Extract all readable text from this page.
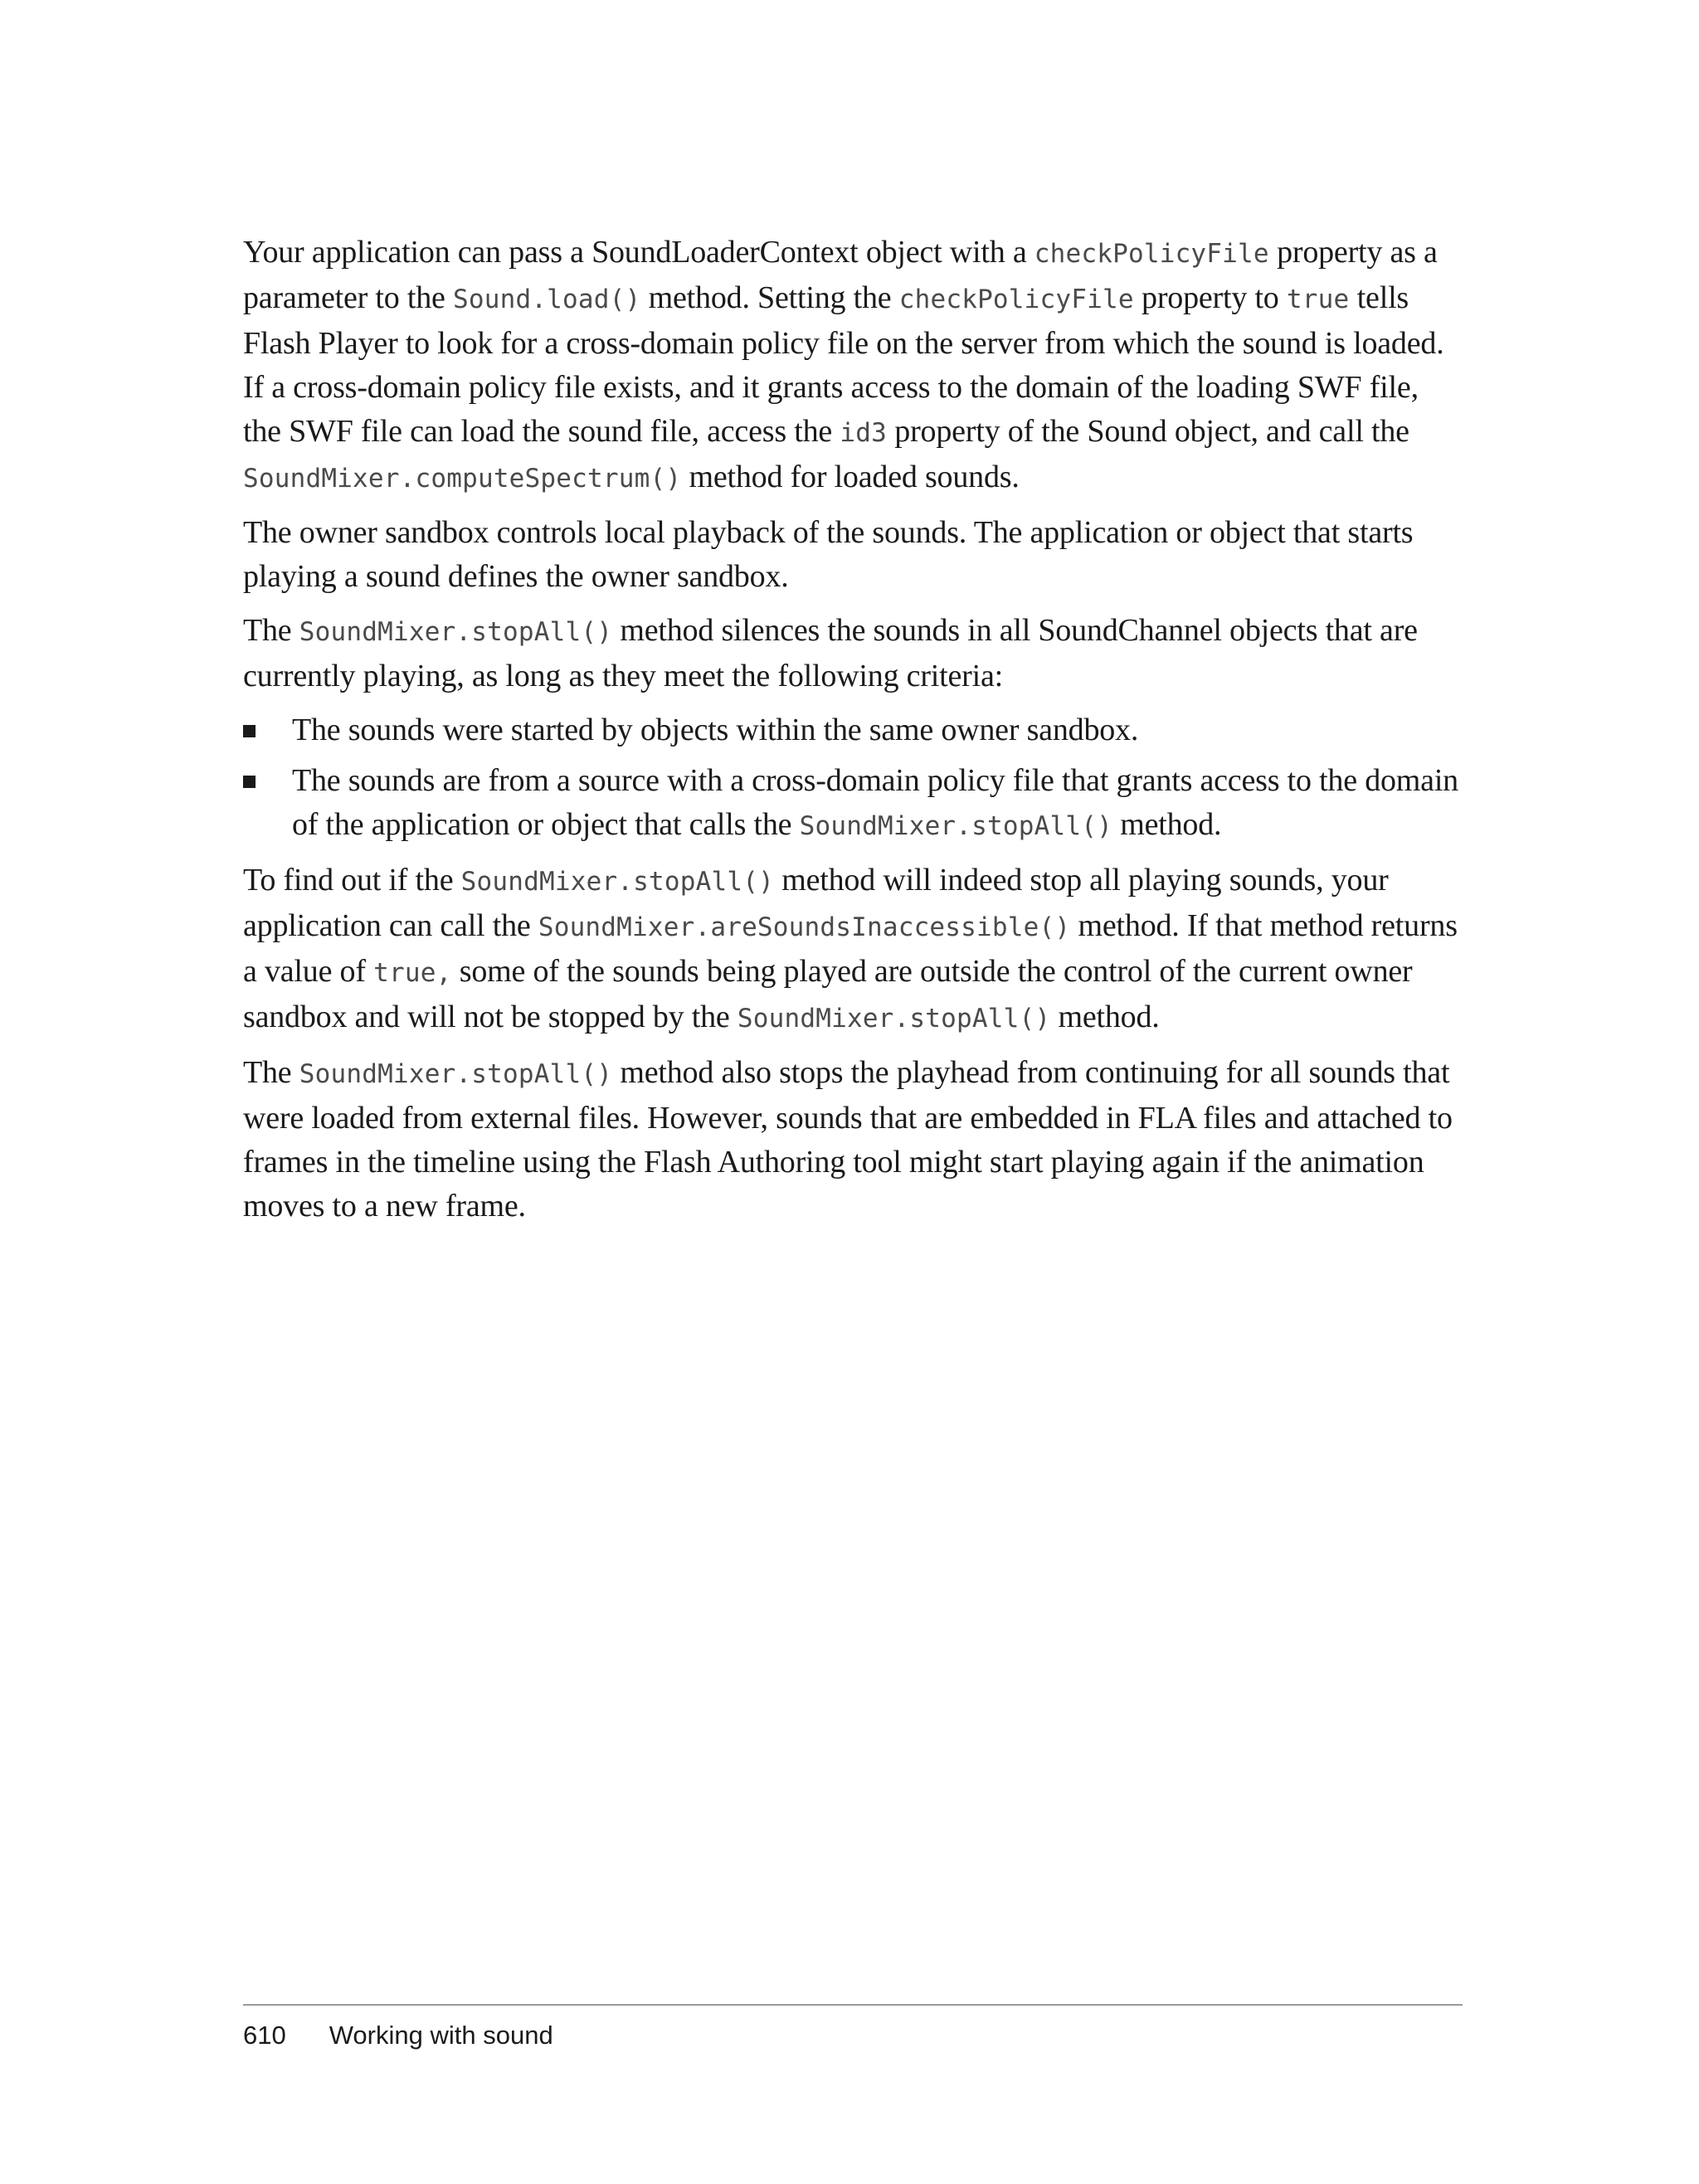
Your application can pass a SoundLoaderContext object with a checkPolicyFile property as a parameter to the Sound.load() method. Setting the checkPolicyFile property to true tells Flash Player to look for a cross-domain policy file on the server from which the sound is loaded. If a cross-domain policy file exists, and it grants access to the domain of the loading SWF file, the SWF file can load the sound file, access the id3 property of the Sound object, and call the SoundMixer.computeSpectrum() method for loaded sounds.

The owner sandbox controls local playback of the sounds. The application or object that starts playing a sound defines the owner sandbox.

The SoundMixer.stopAll() method silences the sounds in all SoundChannel objects that are currently playing, as long as they meet the following criteria:

The sounds were started by objects within the same owner sandbox.
The sounds are from a source with a cross-domain policy file that grants access to the domain of the application or object that calls the SoundMixer.stopAll() method.

To find out if the SoundMixer.stopAll() method will indeed stop all playing sounds, your application can call the SoundMixer.areSoundsInaccessible() method. If that method returns a value of true, some of the sounds being played are outside the control of the current owner sandbox and will not be stopped by the SoundMixer.stopAll() method.

The SoundMixer.stopAll() method also stops the playhead from continuing for all sounds that were loaded from external files. However, sounds that are embedded in FLA files and attached to frames in the timeline using the Flash Authoring tool might start playing again if the animation moves to a new frame.

610 Working with sound
